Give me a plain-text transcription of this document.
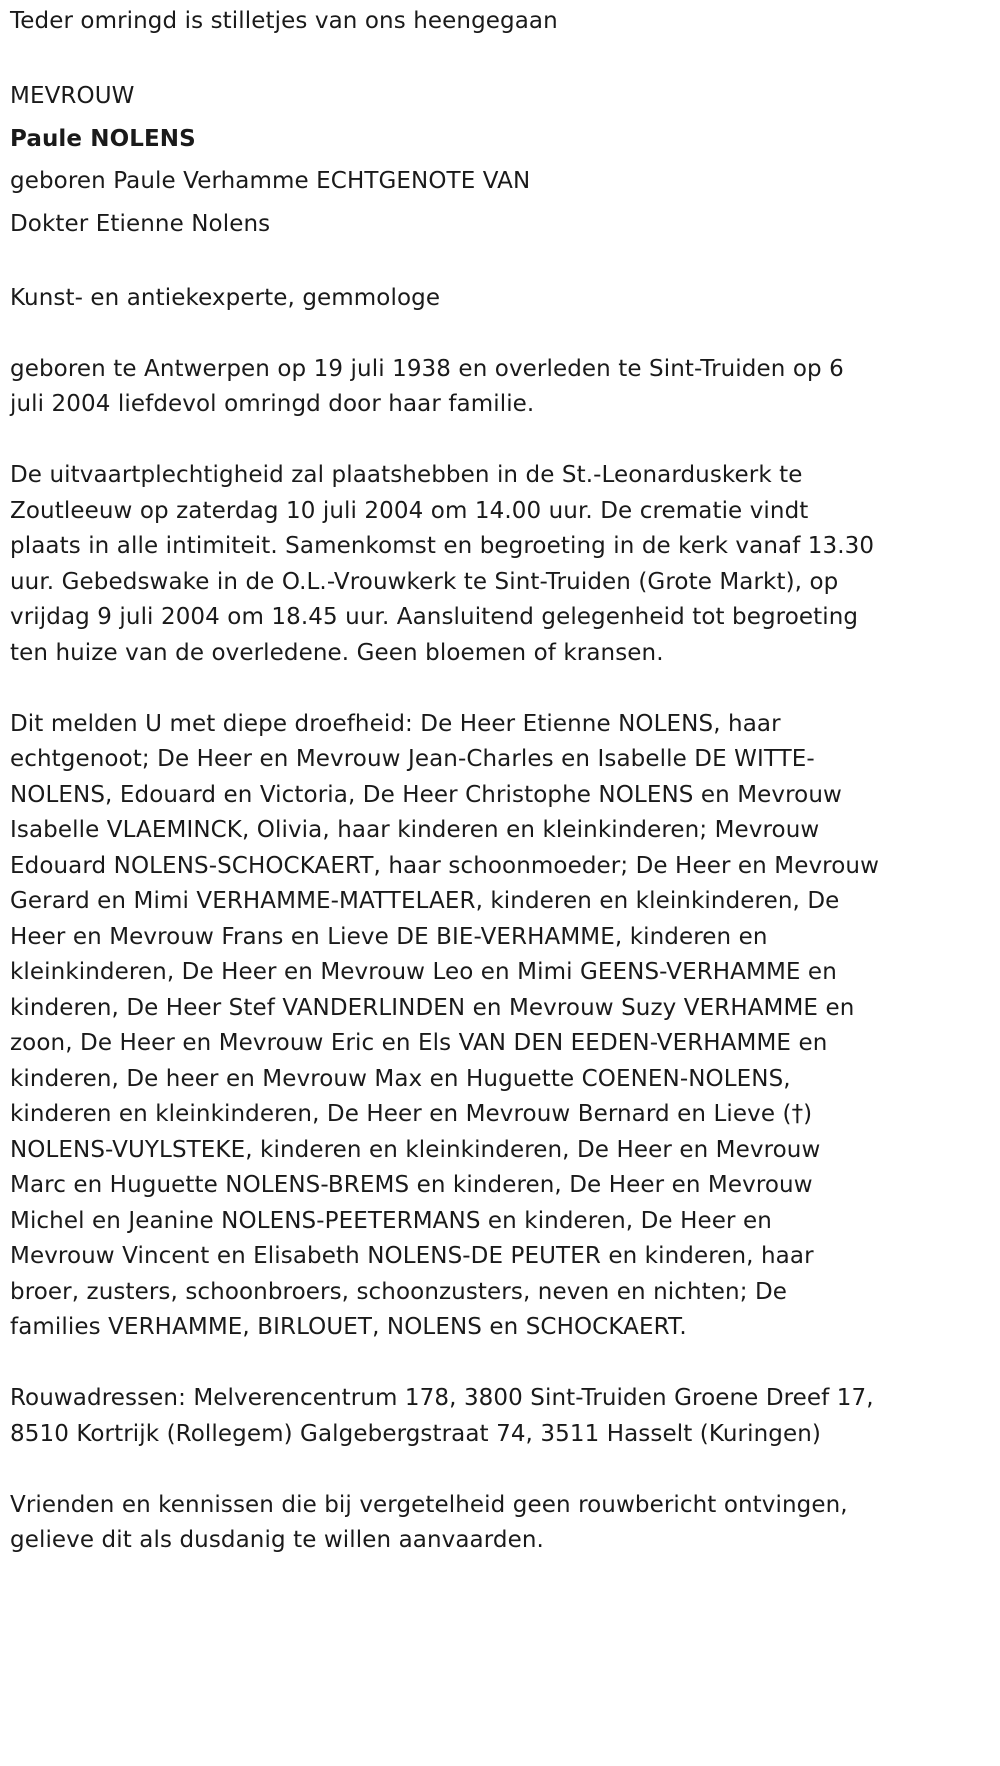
Teder omringd is stilletjes van ons heengegaan

MEVROUW

Paule NOLENS

geboren Paule Verhamme ECHTGENOTE VAN

Dokter Etienne Nolens

Kunst- en antiekexperte, gemmologe

geboren te Antwerpen op 19 juli 1938 en overleden te Sint-Truiden op 6 juli 2004 liefdevol omringd door haar familie.

De uitvaartplechtigheid zal plaatshebben in de St.-Leonarduskerk te Zoutleeuw op zaterdag 10 juli 2004 om 14.00 uur. De crematie vindt plaats in alle intimiteit. Samenkomst en begroeting in de kerk vanaf 13.30 uur. Gebedswake in de O.L.-Vrouwkerk te Sint-Truiden (Grote Markt), op vrijdag 9 juli 2004 om 18.45 uur. Aansluitend gelegenheid tot begroeting ten huize van de overledene. Geen bloemen of kransen.

Dit melden U met diepe droefheid: De Heer Etienne NOLENS, haar echtgenoot; De Heer en Mevrouw Jean-Charles en Isabelle DE WITTE-NOLENS, Edouard en Victoria, De Heer Christophe NOLENS en Mevrouw Isabelle VLAEMINCK, Olivia, haar kinderen en kleinkinderen; Mevrouw Edouard NOLENS-SCHOCKAERT, haar schoonmoeder; De Heer en Mevrouw Gerard en Mimi VERHAMME-MATTELAER, kinderen en kleinkinderen, De Heer en Mevrouw Frans en Lieve DE BIE-VERHAMME, kinderen en kleinkinderen, De Heer en Mevrouw Leo en Mimi GEENS-VERHAMME en kinderen, De Heer Stef VANDERLINDEN en Mevrouw Suzy VERHAMME en zoon, De Heer en Mevrouw Eric en Els VAN DEN EEDEN-VERHAMME en kinderen, De heer en Mevrouw Max en Huguette COENEN-NOLENS, kinderen en kleinkinderen, De Heer en Mevrouw Bernard en Lieve (†) NOLENS-VUYLSTEKE, kinderen en kleinkinderen, De Heer en Mevrouw Marc en Huguette NOLENS-BREMS en kinderen, De Heer en Mevrouw Michel en Jeanine NOLENS-PEETERMANS en kinderen, De Heer en Mevrouw Vincent en Elisabeth NOLENS-DE PEUTER en kinderen, haar broer, zusters, schoonbroers, schoonzusters, neven en nichten; De families VERHAMME, BIRLOUET, NOLENS en SCHOCKAERT.

Rouwadressen: Melverencentrum 178, 3800 Sint-Truiden Groene Dreef 17, 8510 Kortrijk (Rollegem) Galgebergstraat 74, 3511 Hasselt (Kuringen)

Vrienden en kennissen die bij vergetelheid geen rouwbericht ontvingen, gelieve dit als dusdanig te willen aanvaarden.
